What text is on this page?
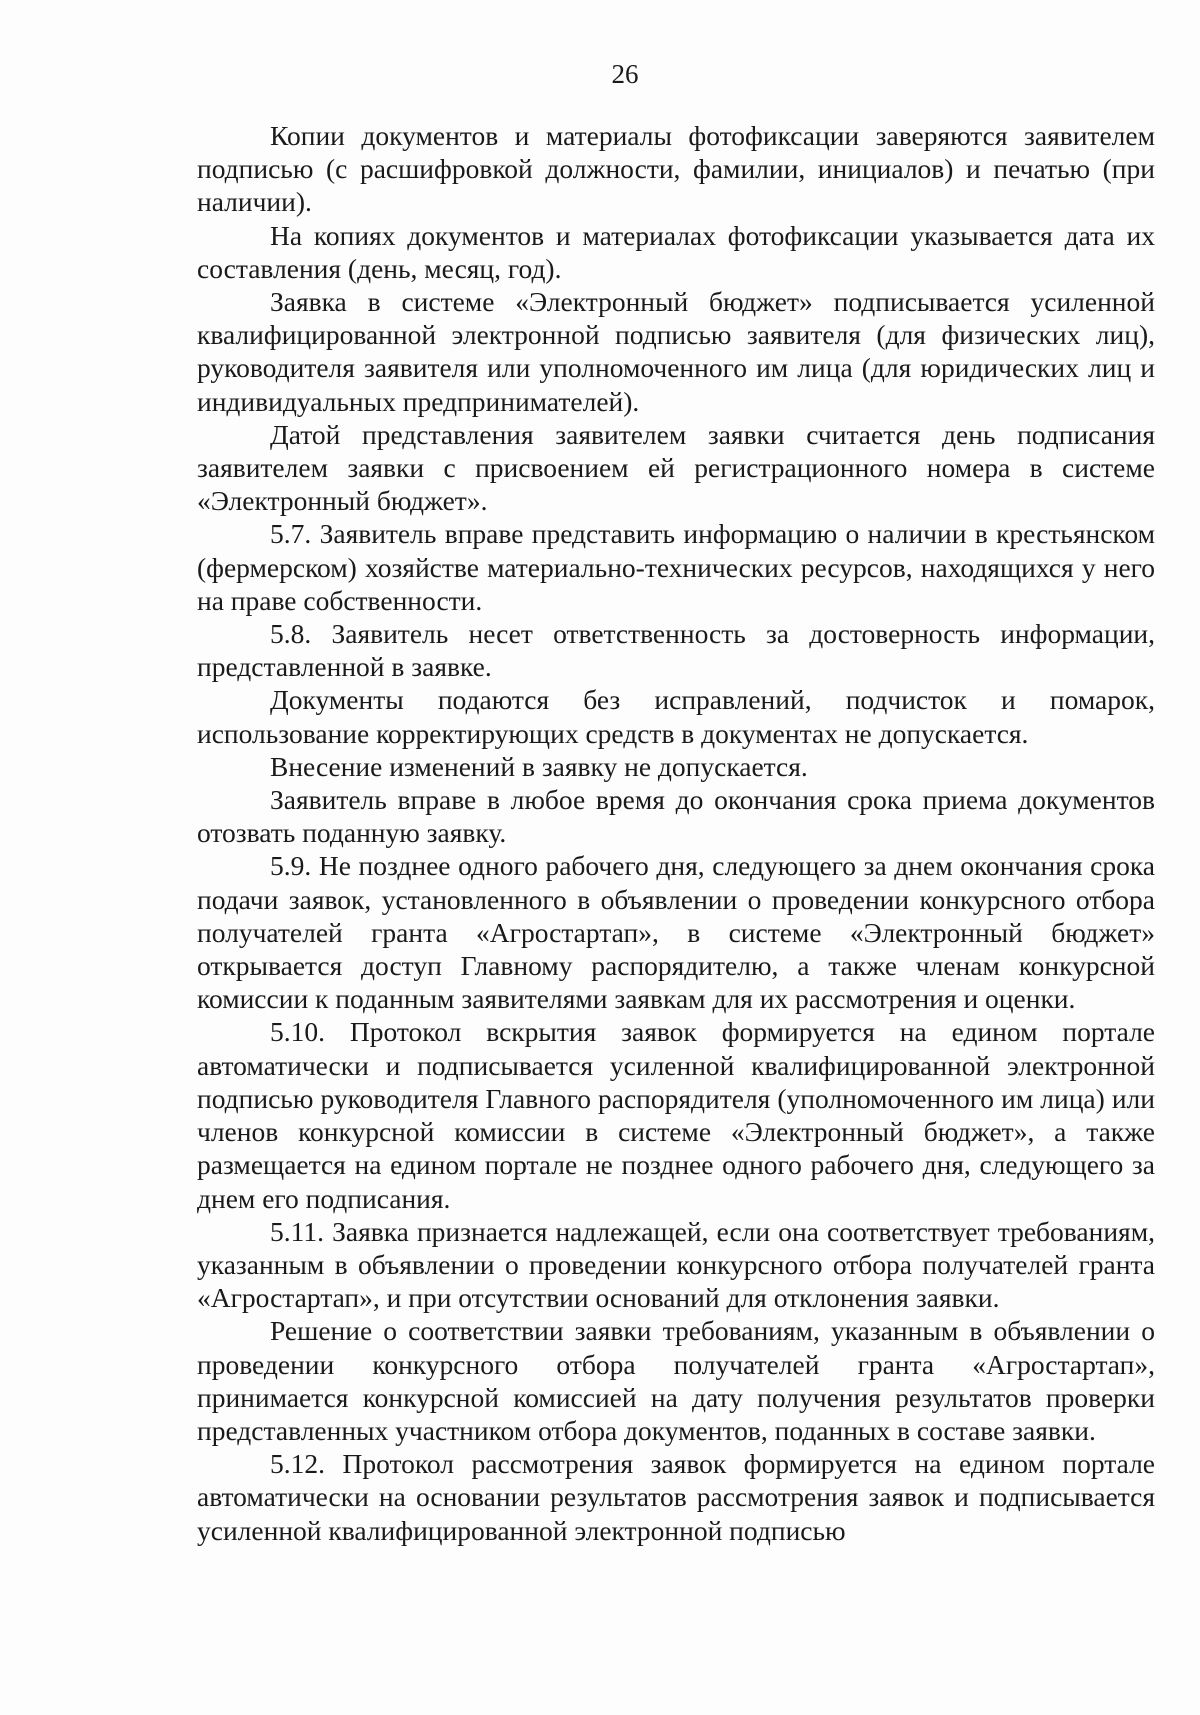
26

Копии документов и материалы фотофиксации заверяются заявителем подписью (с расшифровкой должности, фамилии, инициалов) и печатью (при наличии).

На копиях документов и материалах фотофиксации указывается дата их составления (день, месяц, год).

Заявка в системе «Электронный бюджет» подписывается усиленной квалифицированной электронной подписью заявителя (для физических лиц), руководителя заявителя или уполномоченного им лица (для юридических лиц и индивидуальных предпринимателей).

Датой представления заявителем заявки считается день подписания заявителем заявки с присвоением ей регистрационного номера в системе «Электронный бюджет».

5.7. Заявитель вправе представить информацию о наличии в крестьянском (фермерском) хозяйстве материально-технических ресурсов, находящихся у него на праве собственности.

5.8. Заявитель несет ответственность за достоверность информации, представленной в заявке.

Документы подаются без исправлений, подчисток и помарок, использование корректирующих средств в документах не допускается.

Внесение изменений в заявку не допускается.

Заявитель вправе в любое время до окончания срока приема документов отозвать поданную заявку.

5.9. Не позднее одного рабочего дня, следующего за днем окончания срока подачи заявок, установленного в объявлении о проведении конкурсного отбора получателей гранта «Агростартап», в системе «Электронный бюджет» открывается доступ Главному распорядителю, а также членам конкурсной комиссии к поданным заявителями заявкам для их рассмотрения и оценки.

5.10. Протокол вскрытия заявок формируется на едином портале автоматически и подписывается усиленной квалифицированной электронной подписью руководителя Главного распорядителя (уполномоченного им лица) или членов конкурсной комиссии в системе «Электронный бюджет», а также размещается на едином портале не позднее одного рабочего дня, следующего за днем его подписания.

5.11. Заявка признается надлежащей, если она соответствует требованиям, указанным в объявлении о проведении конкурсного отбора получателей гранта «Агростартап», и при отсутствии оснований для отклонения заявки.

Решение о соответствии заявки требованиям, указанным в объявлении о проведении конкурсного отбора получателей гранта «Агростартап», принимается конкурсной комиссией на дату получения результатов проверки представленных участником отбора документов, поданных в составе заявки.

5.12. Протокол рассмотрения заявок формируется на едином портале автоматически на основании результатов рассмотрения заявок и подписывается усиленной квалифицированной электронной подписью
